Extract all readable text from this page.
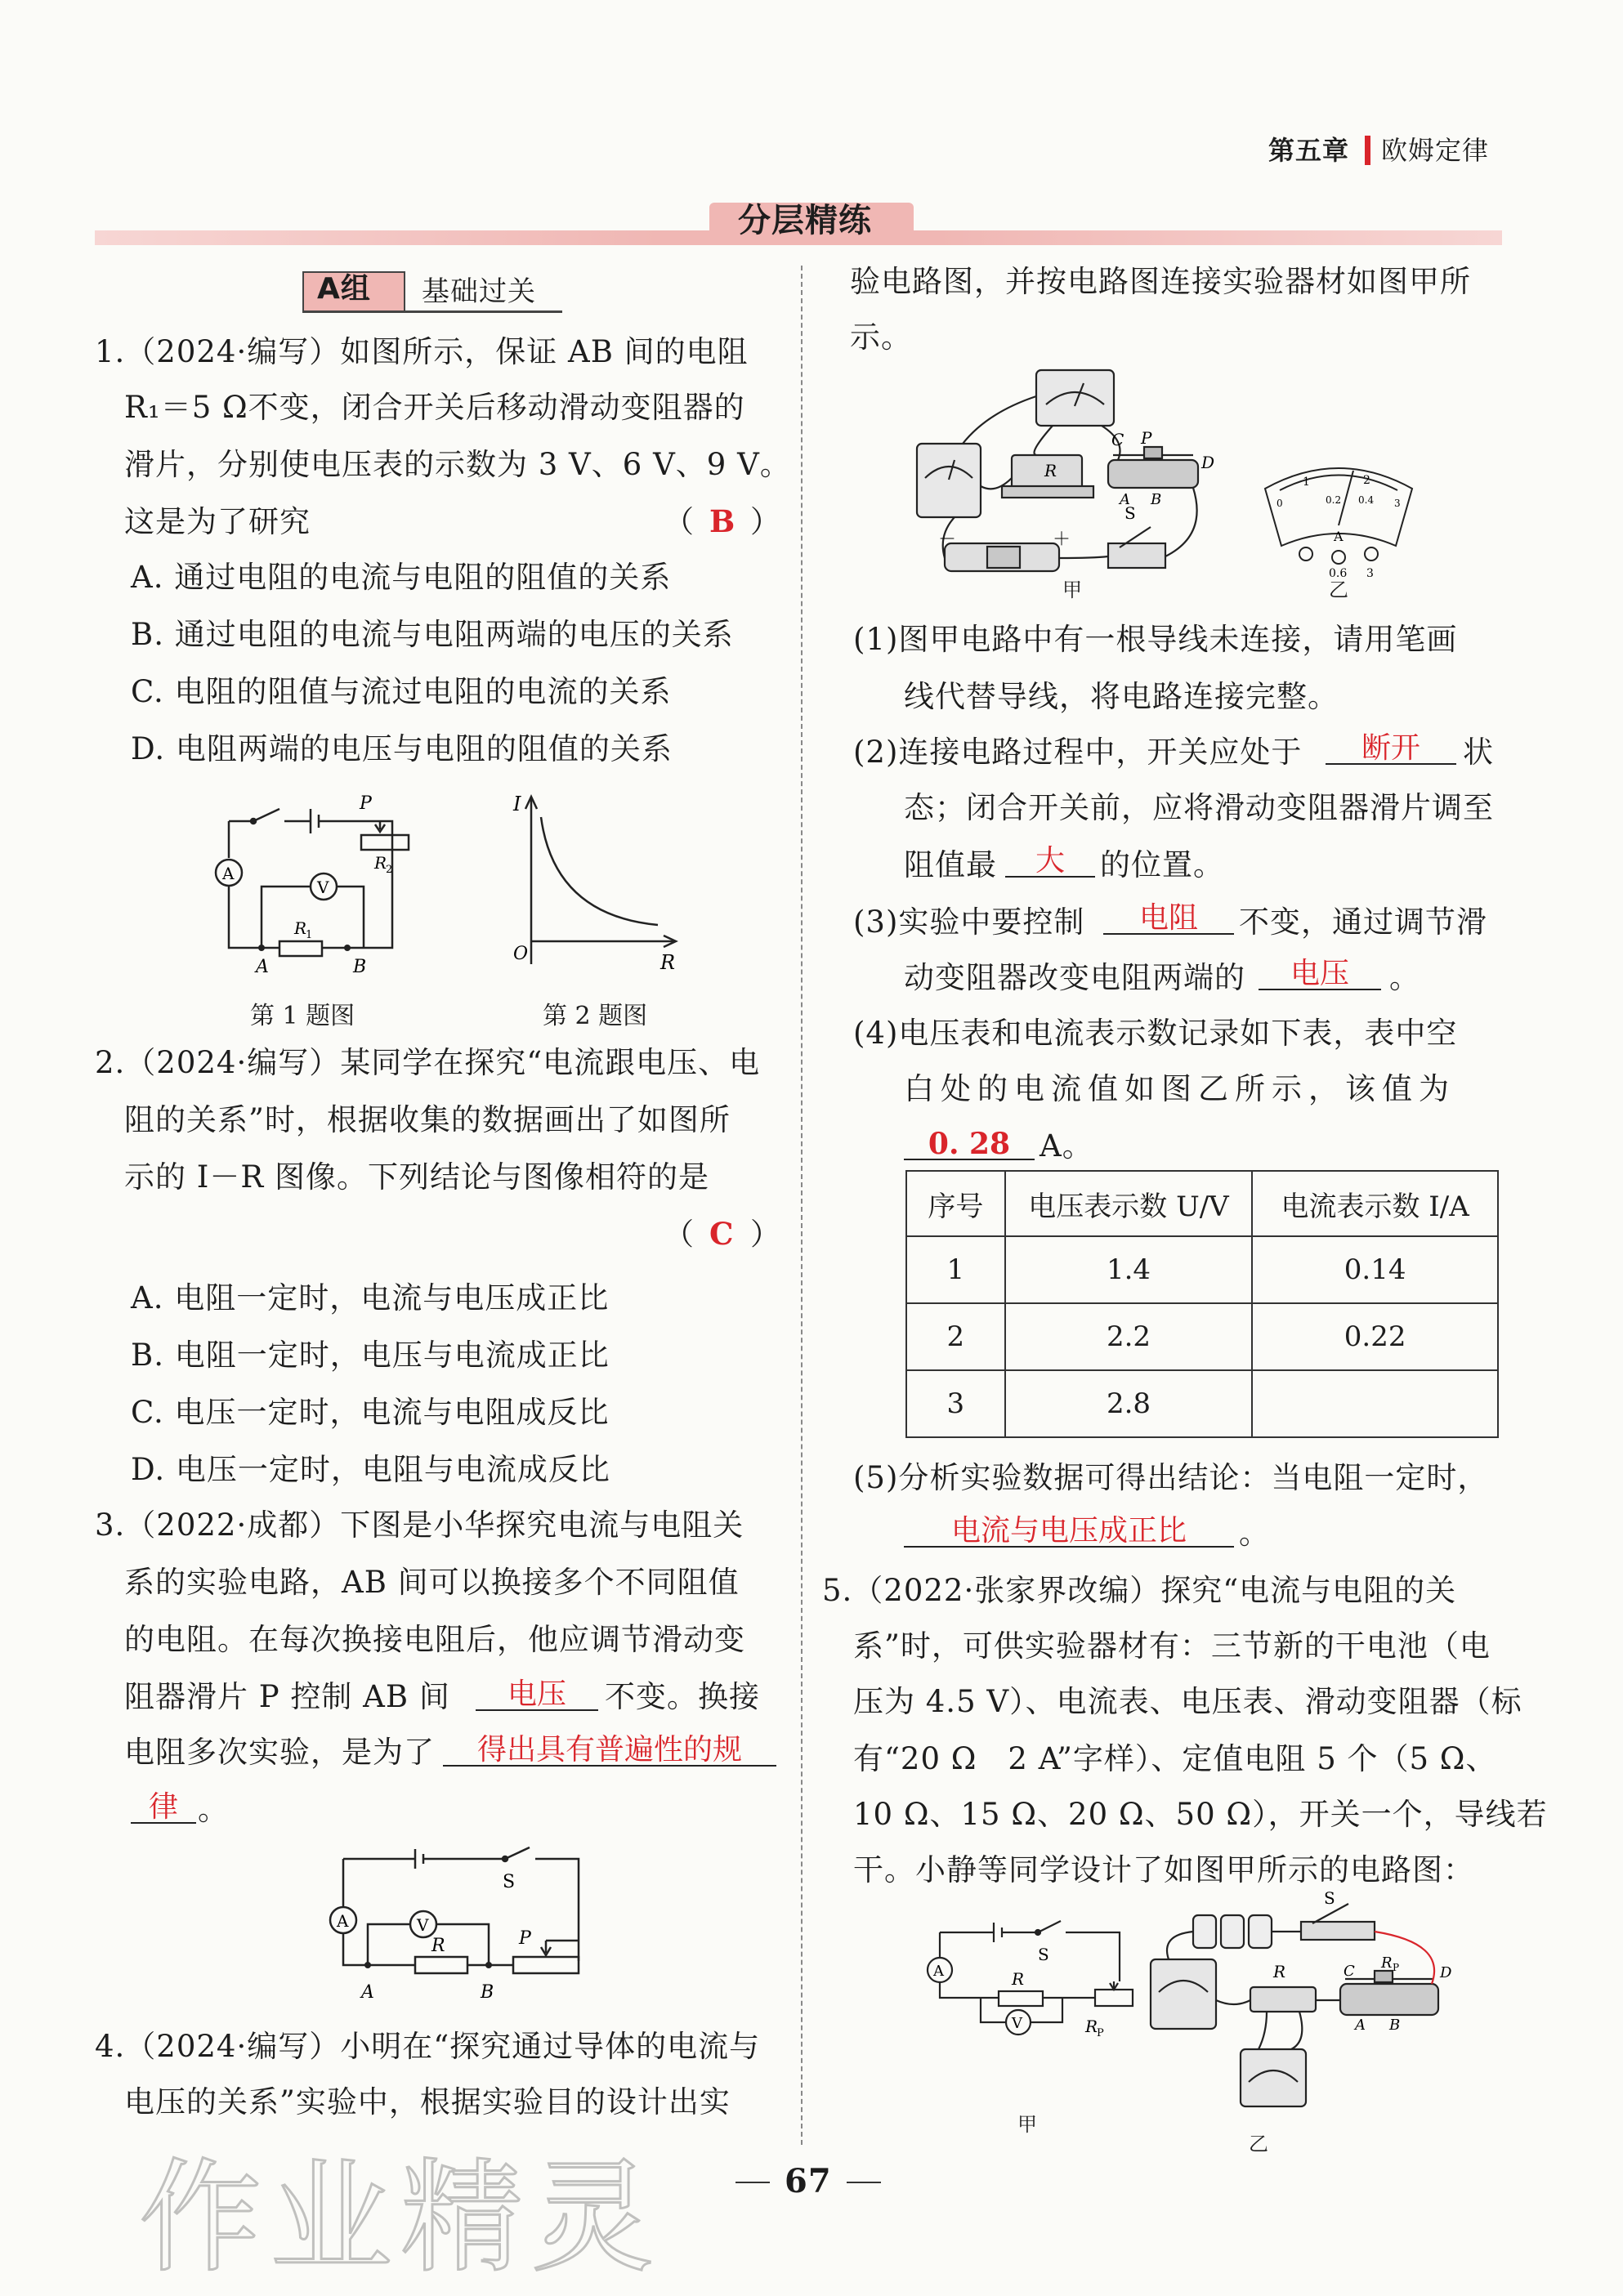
第五章 欧姆定律
分层精练
A组 基础过关
1.（2024·编写）如图所示，保证 AB 间的电阻
R₁＝5 Ω不变，闭合开关后移动滑动变阻器的
滑片，分别使电压表的示数为 3 V、6 V、9 V。
这是为了研究	（ B ）
A. 通过电阻的电流与电阻的阻值的关系
B. 通过电阻的电流与电阻两端的电压的关系
C. 电阻的阻值与流过电阻的电流的关系
D. 电阻两端的电压与电阻的阻值的关系
A
V
P
R
2
R
1
A	B
I
O	R
第 1 题图	第 2 题图
2.（2024·编写）某同学在探究“电流跟电压、电
阻的关系”时，根据收集的数据画出了如图所
示的 I－R 图像。下列结论与图像相符的是
（ C ）
A. 电阻一定时，电流与电压成正比
B. 电阻一定时，电压与电流成正比
C. 电压一定时，电流与电阻成反比
D. 电压一定时，电阻与电流成反比
3.（2022·成都）下图是小华探究电流与电阻关
系的实验电路，AB 间可以换接多个不同阻值
的电阻。在每次换接电阻后，他应调节滑动变
阻器滑片 P 控制 AB 间	电压	不变。换接
电阻多次实验，是为了	得出具有普遍性的规
律 。
A	V
S
R	P
A	B
4.（2024·编写）小明在“探究通过导体的电流与
电压的关系”实验中，根据实验目的设计出实
验电路图，并按电路图连接实验器材如图甲所
示。
C P
D
A B
R
S
－	＋
甲
1	2
0.2 0.4
0	3
A
0.6 3
乙
(1)图甲电路中有一根导线未连接，请用笔画
线代替导线，将电路连接完整。
(2)连接电路过程中，开关应处于	断开	状
态；闭合开关前，应将滑动变阻器滑片调至
阻值最	大	的位置。
(3)实验中要控制	电阻	不变，通过调节滑
动变阻器改变电阻两端的	电压	。
(4)电压表和电流表示数记录如下表，表中空
白处的电流值如图乙所示，该值为
0. 28 A。
序号	电压表示数 U/V	电流表示数 I/A
1	1.4	0.14
2	2.2	0.22
3	2.8	
(5)分析实验数据可得出结论：当电阻一定时，
电流与电压成正比	。
5.（2022·张家界改编）探究“电流与电阻的关
系”时，可供实验器材有：三节新的干电池（电
压为 4.5 V）、电流表、电压表、滑动变阻器（标
有“20 Ω　2 A”字样）、定值电阻 5 个（5 Ω、
10 Ω、15 Ω、20 Ω、50 Ω），开关一个，导线若
干。小静等同学设计了如图甲所示的电路图：
A
V
S
R
R
P
甲
S
R	C R P	D
A B
乙
67
作业精灵
